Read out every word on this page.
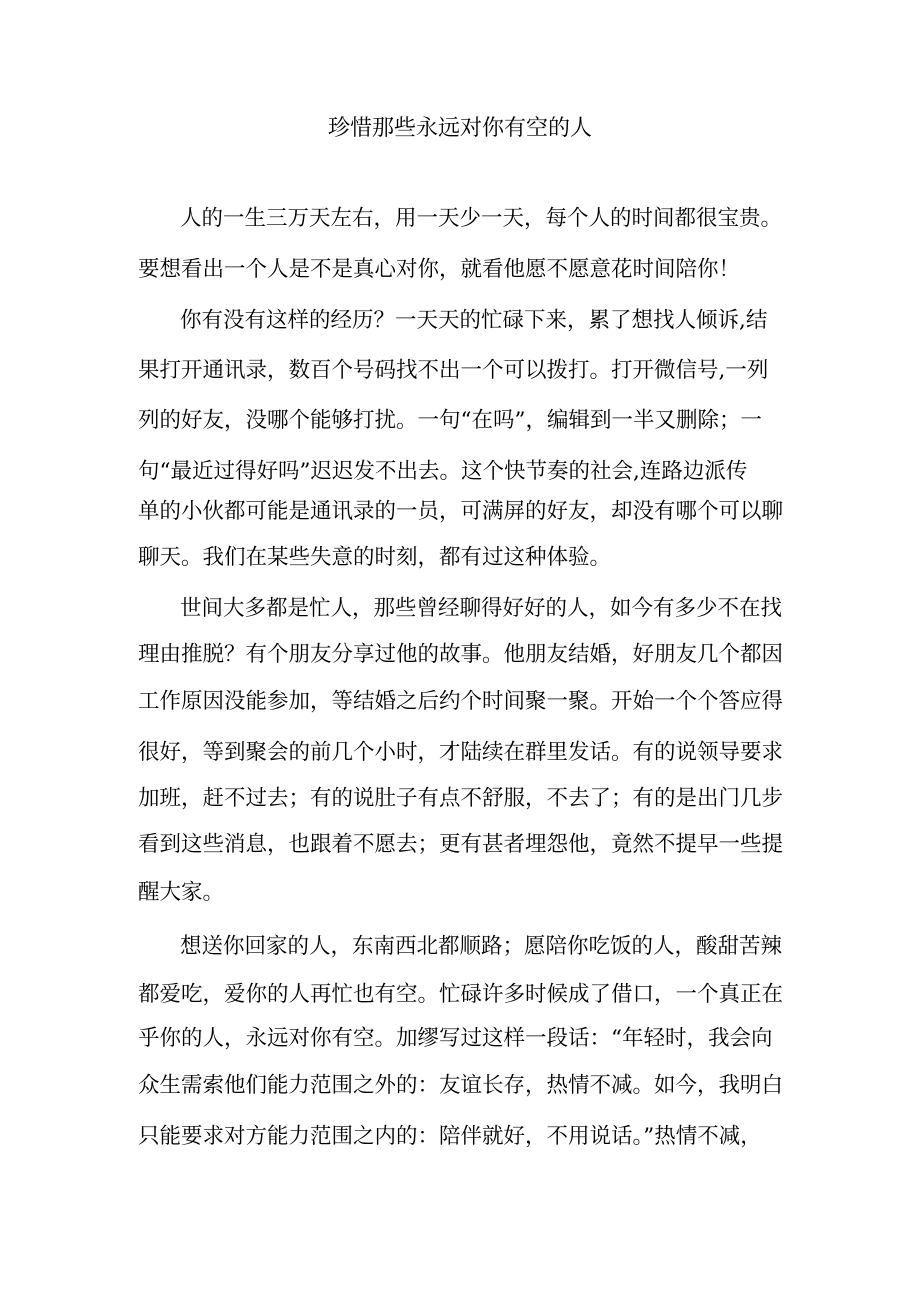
珍惜那些永远对你有空的人

人的一生三万天左右，用一天少一天，每个人的时间都很宝贵。

要想看出一个人是不是真心对你，就看他愿不愿意花时间陪你！

你有没有这样的经历？一天天的忙碌下来，累了想找人倾诉,结

果打开通讯录，数百个号码找不出一个可以拨打。打开微信号,一列

列的好友，没哪个能够打扰。一句“在吗”，编辑到一半又删除；一

句“最近过得好吗”迟迟发不出去。这个快节奏的社会,连路边派传

单的小伙都可能是通讯录的一员，可满屏的好友，却没有哪个可以聊

聊天。我们在某些失意的时刻，都有过这种体验。

世间大多都是忙人，那些曾经聊得好好的人，如今有多少不在找

理由推脱？有个朋友分享过他的故事。他朋友结婚，好朋友几个都因

工作原因没能参加，等结婚之后约个时间聚一聚。开始一个个答应得

很好，等到聚会的前几个小时，才陆续在群里发话。有的说领导要求

加班，赶不过去；有的说肚子有点不舒服，不去了；有的是出门几步

看到这些消息，也跟着不愿去；更有甚者埋怨他，竟然不提早一些提

醒大家。

想送你回家的人，东南西北都顺路；愿陪你吃饭的人，酸甜苦辣

都爱吃，爱你的人再忙也有空。忙碌许多时候成了借口，一个真正在

乎你的人，永远对你有空。加缪写过这样一段话：“年轻时，我会向

众生需索他们能力范围之外的：友谊长存，热情不减。如今，我明白

只能要求对方能力范围之内的：陪伴就好，不用说话。”热情不减，
